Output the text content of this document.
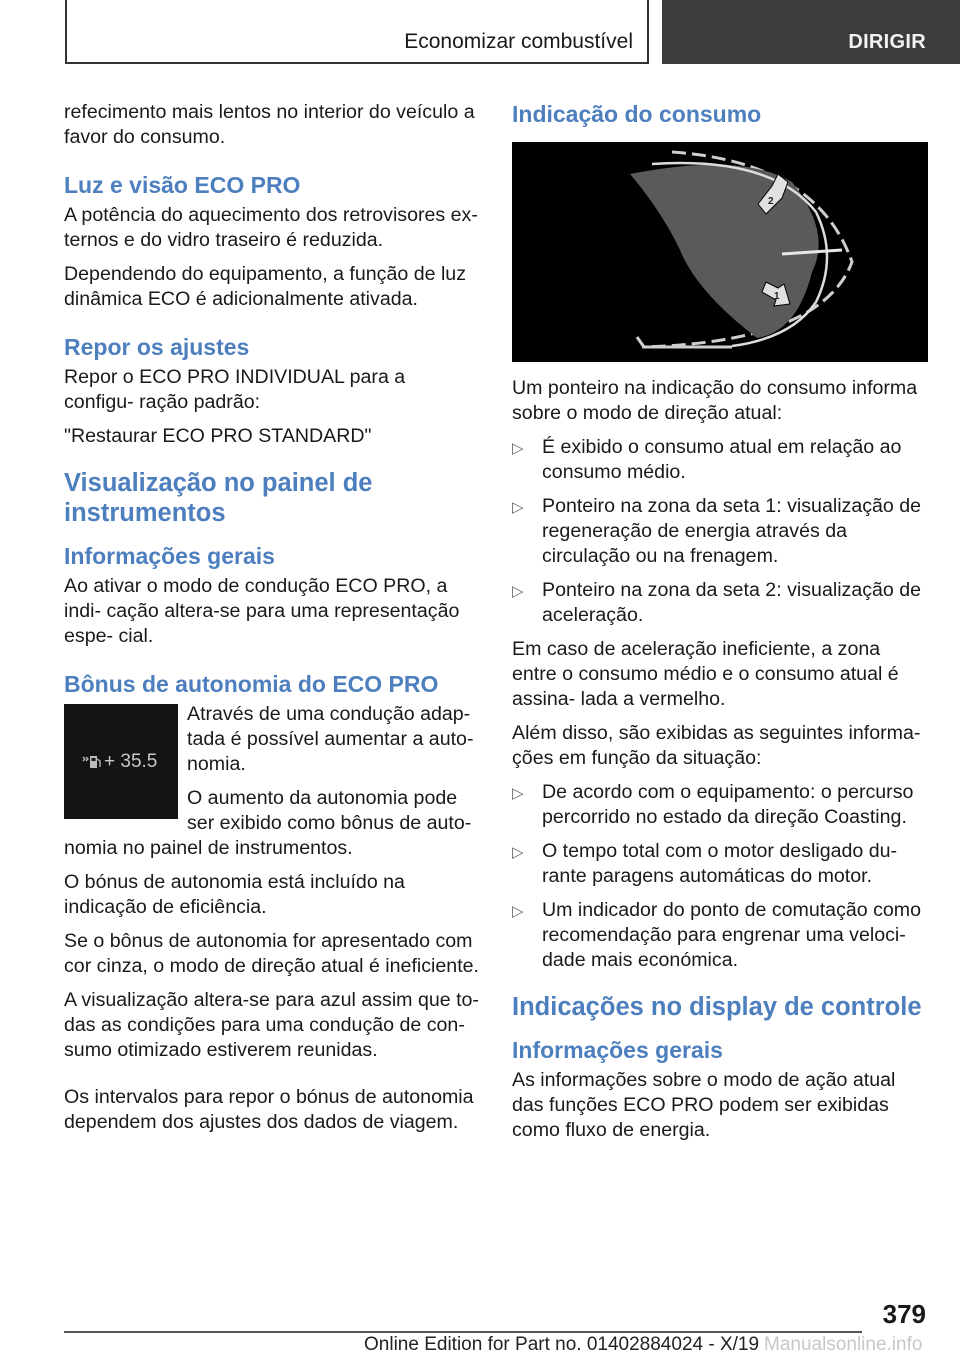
Economizar combustível	DIRIGIR

refecimento mais lentos no interior do veículo a favor do consumo.

Luz e visão ECO PRO

A potência do aquecimento dos retrovisores ex- ternos e do vidro traseiro é reduzida.

Dependendo do equipamento, a função de luz dinâmica ECO é adicionalmente ativada.

Repor os ajustes

Repor o ECO PRO INDIVIDUAL para a configu- ração padrão:

"Restaurar ECO PRO STANDARD"

Visualização no painel de instrumentos
Informações gerais

Ao ativar o modo de condução ECO PRO, a indi- cação altera-se para uma representação espe- cial.

Bônus de autonomia do ECO PRO
+ 35.5

Através de uma condução adap- tada é possível aumentar a auto- nomia.

O aumento da autonomia pode ser exibido como bônus de auto- nomia no painel de instrumentos.

O bónus de autonomia está incluído na indicação de eficiência.

Se o bônus de autonomia for apresentado com cor cinza, o modo de direção atual é ineficiente.

A visualização altera-se para azul assim que to- das as condições para uma condução de con- sumo otimizado estiverem reunidas.

Os intervalos para repor o bónus de autonomia dependem dos ajustes dos dados de viagem.

Indicação do consumo
2
1

Um ponteiro na indicação do consumo informa sobre o modo de direção atual:

▷ É exibido o consumo atual em relação ao consumo médio.
▷ Ponteiro na zona da seta 1: visualização de regeneração de energia através da circulação ou na frenagem.
▷ Ponteiro na zona da seta 2: visualização de aceleração.

Em caso de aceleração ineficiente, a zona entre o consumo médio e o consumo atual é assina- lada a vermelho.

Além disso, são exibidas as seguintes informa- ções em função da situação:

▷ De acordo com o equipamento: o percurso percorrido no estado da direção Coasting.
▷ O tempo total com o motor desligado du- rante paragens automáticas do motor.
▷ Um indicador do ponto de comutação como recomendação para engrenar uma veloci- dade mais económica.
Indicações no display de controle
Informações gerais

As informações sobre o modo de ação atual das funções ECO PRO podem ser exibidas como fluxo de energia.

379
Online Edition for Part no. 01402884024 - X/19 Manualsonline.info
